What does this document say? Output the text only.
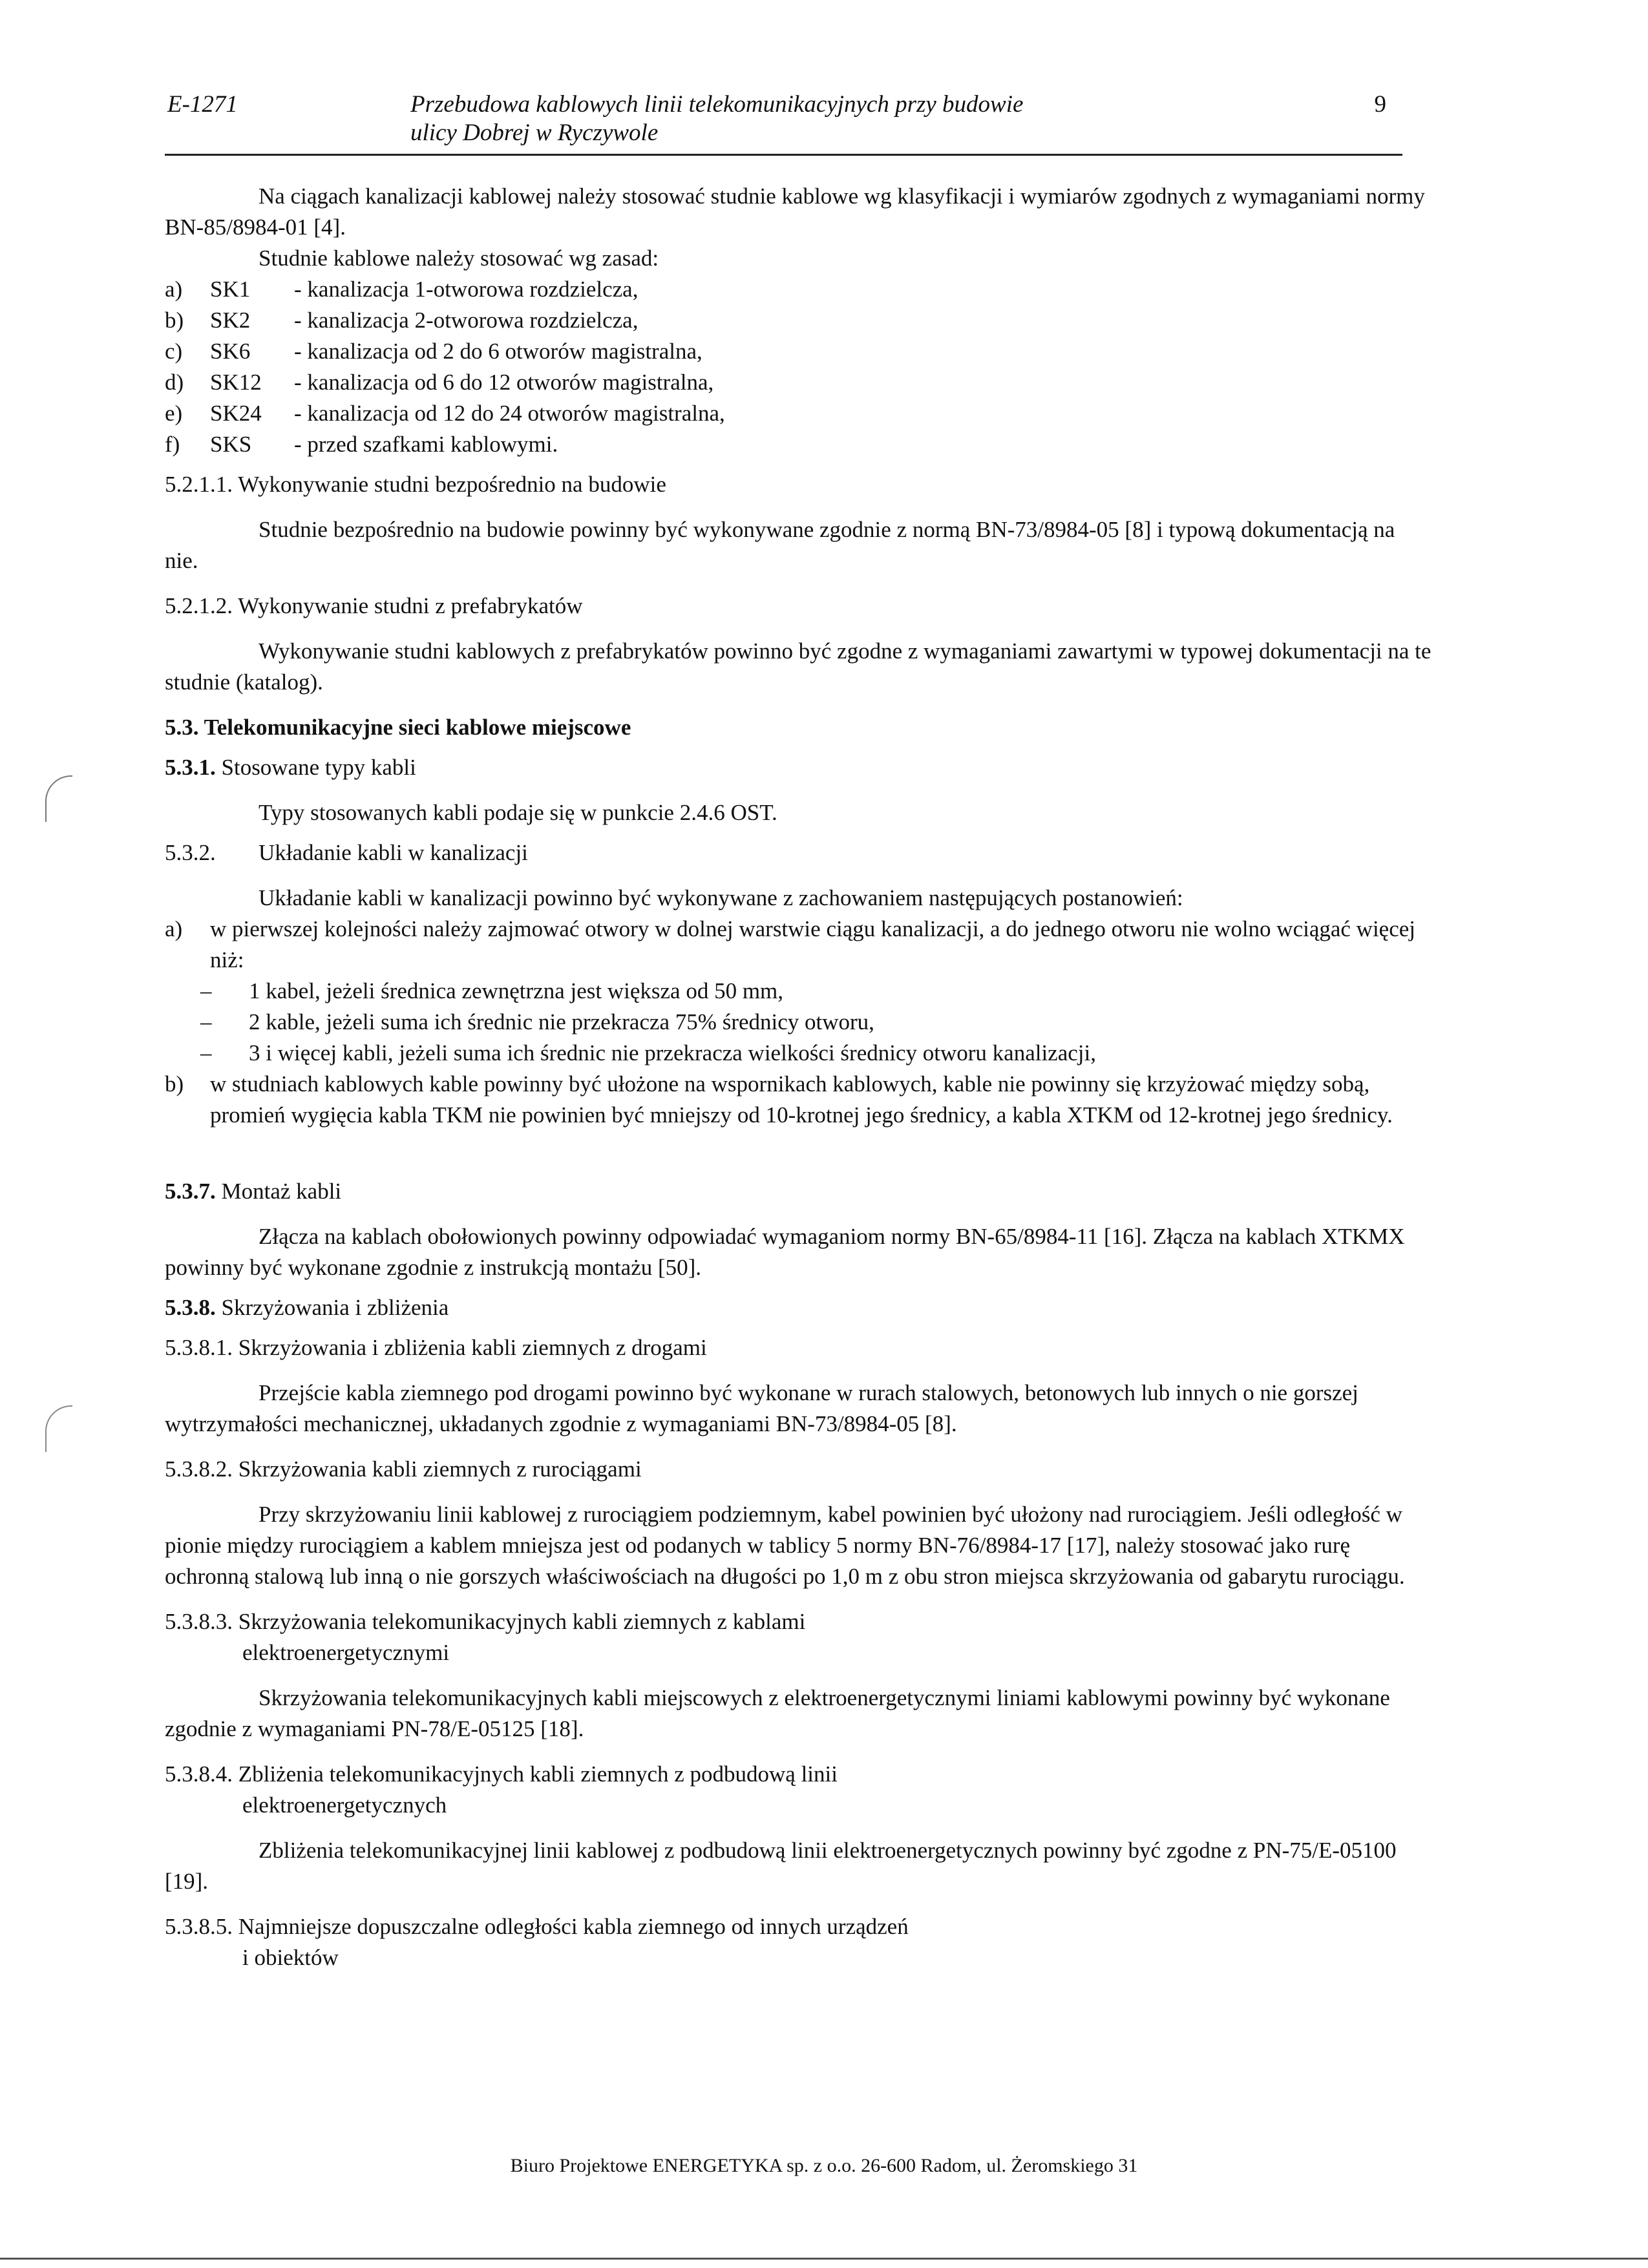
E-1271	Przebudowa kablowych linii telekomunikacyjnych przy budowie
ulicy Dobrej w Ryczywole
9

Na ciągach kanalizacji kablowej należy stosować studnie kablowe wg klasyfikacji i wymiarów zgodnych z wymaganiami normy BN-85/8984-01 [4].

Studnie kablowe należy stosować wg zasad:

a)	SK1 - kanalizacja 1-otworowa rozdzielcza,
b)	SK2 - kanalizacja 2-otworowa rozdzielcza,
c)	SK6 - kanalizacja od 2 do 6 otworów magistralna,
d)	SK12 - kanalizacja od 6 do 12 otworów magistralna,
e)	SK24 - kanalizacja od 12 do 24 otworów magistralna,
f)	SKS - przed szafkami kablowymi.

5.2.1.1. Wykonywanie studni bezpośrednio na budowie

Studnie bezpośrednio na budowie powinny być wykonywane zgodnie z normą BN-73/8984-05 [8] i typową dokumentacją na nie.

5.2.1.2. Wykonywanie studni z prefabrykatów

Wykonywanie studni kablowych z prefabrykatów powinno być zgodne z wymaganiami zawartymi w typowej dokumentacji na te studnie (katalog).

5.3. Telekomunikacyjne sieci kablowe miejscowe

5.3.1. Stosowane typy kabli

Typy stosowanych kabli podaje się w punkcie 2.4.6 OST.

5.3.2. Układanie kabli w kanalizacji

Układanie kabli w kanalizacji powinno być wykonywane z zachowaniem następujących postanowień:

a)	w pierwszej kolejności należy zajmować otwory w dolnej warstwie ciągu kanalizacji, a do jednego otworu nie wolno wciągać więcej niż:
–	1 kabel, jeżeli średnica zewnętrzna jest większa od 50 mm,
–	2 kable, jeżeli suma ich średnic nie przekracza 75% średnicy otworu,
–	3 i więcej kabli, jeżeli suma ich średnic nie przekracza wielkości średnicy otworu kanalizacji,
b)	w studniach kablowych kable powinny być ułożone na wspornikach kablowych, kable nie powinny się krzyżować między sobą, promień wygięcia kabla TKM nie powinien być mniejszy od 10-krotnej jego średnicy, a kabla XTKM od 12-krotnej jego średnicy.

5.3.7. Montaż kabli

Złącza na kablach obołowionych powinny odpowiadać wymaganiom normy BN-65/8984-11 [16]. Złącza na kablach XTKMX powinny być wykonane zgodnie z instrukcją montażu [50].

5.3.8. Skrzyżowania i zbliżenia

5.3.8.1. Skrzyżowania i zbliżenia kabli ziemnych z drogami

Przejście kabla ziemnego pod drogami powinno być wykonane w rurach stalowych, betonowych lub innych o nie gorszej wytrzymałości mechanicznej, układanych zgodnie z wymaganiami BN-73/8984-05 [8].

5.3.8.2. Skrzyżowania kabli ziemnych z rurociągami

Przy skrzyżowaniu linii kablowej z rurociągiem podziemnym, kabel powinien być ułożony nad rurociągiem. Jeśli odległość w pionie między rurociągiem a kablem mniejsza jest od podanych w tablicy 5 normy BN-76/8984-17 [17], należy stosować jako rurę ochronną stalową lub inną o nie gorszych właściwościach na długości po 1,0 m z obu stron miejsca skrzyżowania od gabarytu rurociągu.

5.3.8.3. Skrzyżowania telekomunikacyjnych kabli ziemnych z kablami

elektroenergetycznymi

Skrzyżowania telekomunikacyjnych kabli miejscowych z elektroenergetycznymi liniami kablowymi powinny być wykonane zgodnie z wymaganiami PN-78/E-05125 [18].

5.3.8.4. Zbliżenia telekomunikacyjnych kabli ziemnych z podbudową linii

elektroenergetycznych

Zbliżenia telekomunikacyjnej linii kablowej z podbudową linii elektroenergetycznych powinny być zgodne z PN-75/E-05100 [19].

5.3.8.5. Najmniejsze dopuszczalne odległości kabla ziemnego od innych urządzeń

i obiektów

Biuro Projektowe ENERGETYKA sp. z o.o. 26-600 Radom, ul. Żeromskiego 31
